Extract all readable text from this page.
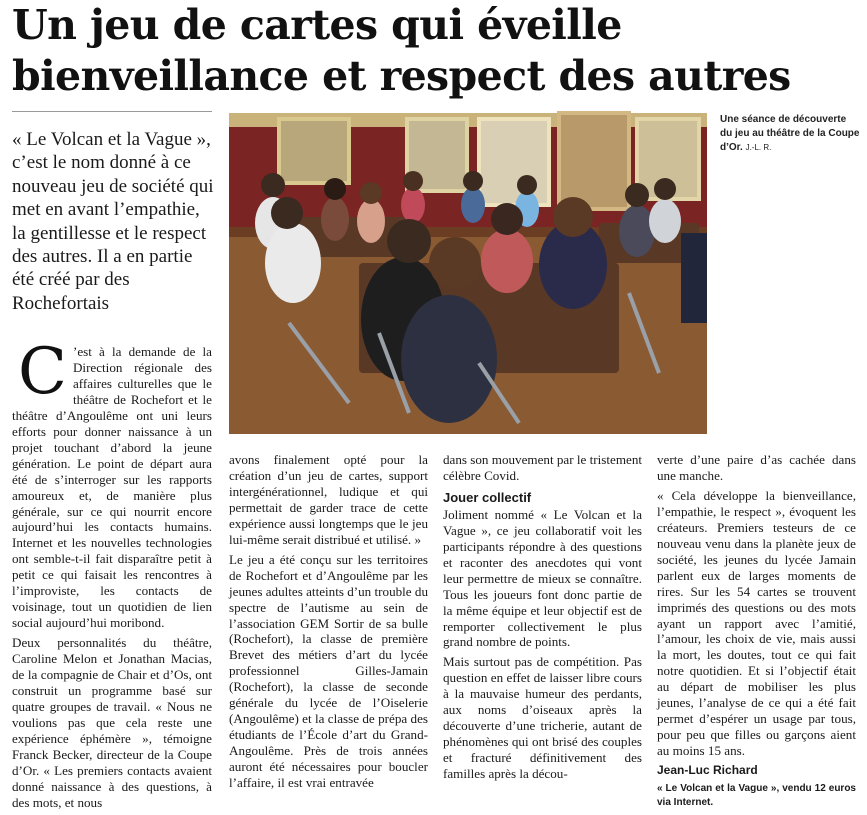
Un jeu de cartes qui éveille
bienveillance et respect des autres
« Le Volcan et la Vague », c’est le nom donné à ce nouveau jeu de société qui met en avant l’empathie, la gentillesse et le respect des autres. Il a en partie été créé par des Rochefortais
Une séance de découverte du jeu au théâtre de la Coupe d’Or. J.-L. R.

C ’est à la demande de la Direction régionale des affaires culturelles que le théâtre de Rochefort et le théâtre d’Angoulême ont uni leurs efforts pour donner naissance à un projet touchant d’abord la jeune génération. Le point de départ aura été de s’interroger sur les rapports amoureux et, de manière plus générale, sur ce qui nourrit encore aujourd’hui les contacts humains. Internet et les nouvelles technologies ont semble-t-il fait disparaître petit à petit ce qui faisait les rencontres à l’improviste, les contacts de voisinage, tout un quotidien de lien social aujourd’hui moribond.

Deux personnalités du théâtre, Caroline Melon et Jonathan Macias, de la compagnie de Chair et d’Os, ont construit un programme basé sur quatre groupes de travail. « Nous ne voulions pas que cela reste une expérience éphémère », témoigne Franck Becker, directeur de la Coupe d’Or. « Les premiers contacts avaient donné naissance à des questions, à des mots, et nous

avons finalement opté pour la création d’un jeu de cartes, support intergénérationnel, ludique et qui permettait de garder trace de cette expérience aussi longtemps que le jeu lui-même serait distribué et utilisé. »

Le jeu a été conçu sur les territoires de Rochefort et d’Angoulême par les jeunes adultes atteints d’un trouble du spectre de l’autisme au sein de l’association GEM Sortir de sa bulle (Rochefort), la classe de première Brevet des métiers d’art du lycée professionnel Gilles-Jamain (Rochefort), la classe de seconde générale du lycée de l’Oiselerie (Angoulême) et la classe de prépa des étudiants de l’École d’art du Grand-Angoulême. Près de trois années auront été nécessaires pour boucler l’affaire, il est vrai entravée

dans son mouvement par le tristement célèbre Covid.

Jouer collectif

Joliment nommé « Le Volcan et la Vague », ce jeu collaboratif voit les participants répondre à des questions et raconter des anecdotes qui vont leur permettre de mieux se connaître. Tous les joueurs font donc partie de la même équipe et leur objectif est de remporter collectivement le plus grand nombre de points.

Mais surtout pas de compétition. Pas question en effet de laisser libre cours à la mauvaise humeur des perdants, aux noms d’oiseaux après la découverte d’une tricherie, autant de phénomènes qui ont brisé des couples et fracturé définitivement des familles après la décou-

verte d’une paire d’as cachée dans une manche.

« Cela développe la bienveillance, l’empathie, le respect », évoquent les créateurs. Premiers testeurs de ce nouveau venu dans la planète jeux de société, les jeunes du lycée Jamain parlent eux de larges moments de rires. Sur les 54 cartes se trouvent imprimés des questions ou des mots ayant un rapport avec l’amitié, l’amour, les choix de vie, mais aussi la mort, les doutes, tout ce qui fait notre quotidien. Et si l’objectif était au départ de mobiliser les plus jeunes, l’analyse de ce qui a été fait permet d’espérer un usage par tous, pour peu que filles ou garçons aient au moins 15 ans.

Jean-Luc Richard
« Le Volcan et la Vague », vendu 12 euros via Internet.
